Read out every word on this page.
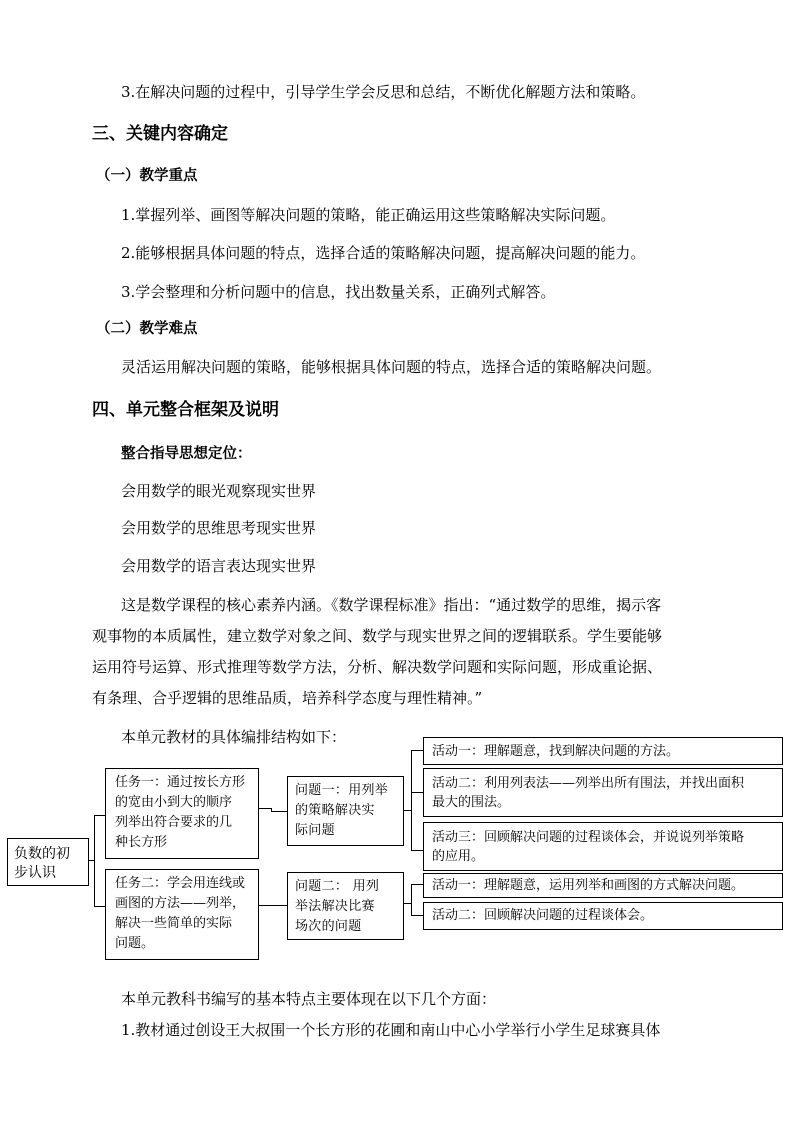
3.在解决问题的过程中，引导学生学会反思和总结，不断优化解题方法和策略。
三、关键内容确定
（一）教学重点
1.掌握列举、画图等解决问题的策略，能正确运用这些策略解决实际问题。
2.能够根据具体问题的特点，选择合适的策略解决问题，提高解决问题的能力。
3.学会整理和分析问题中的信息，找出数量关系，正确列式解答。
（二）教学难点
灵活运用解决问题的策略，能够根据具体问题的特点，选择合适的策略解决问题。
四、单元整合框架及说明
整合指导思想定位：
会用数学的眼光观察现实世界
会用数学的思维思考现实世界
会用数学的语言表达现实世界
这是数学课程的核心素养内涵。《数学课程标准》指出：“通过数学的思维，揭示客
观事物的本质属性，建立数学对象之间、数学与现实世界之间的逻辑联系。学生要能够
运用符号运算、形式推理等数学方法，分析、解决数学问题和实际问题，形成重论据、
有条理、合乎逻辑的思维品质，培养科学态度与理性精神。”
本单元教材的具体编排结构如下：
负数的初
步认识
任务一：通过按长方形
的宽由小到大的顺序
列举出符合要求的几
种长方形
任务二：学会用连线或
画图的方法——列举，
解决一些简单的实际
问题。
问题一：用列举
的策略解决实
际问题
问题二： 用列
举法解决比赛
场次的问题
活动一：理解题意，找到解决问题的方法。
活动二：利用列表法——列举出所有围法，并找出面积
最大的围法。
活动三：回顾解决问题的过程谈体会，并说说列举策略
的应用。
活动一：理解题意，运用列举和画图的方式解决问题。
活动二：回顾解决问题的过程谈体会。
本单元教科书编写的基本特点主要体现在以下几个方面：
1.教材通过创设王大叔围一个长方形的花圃和南山中心小学举行小学生足球赛具体
